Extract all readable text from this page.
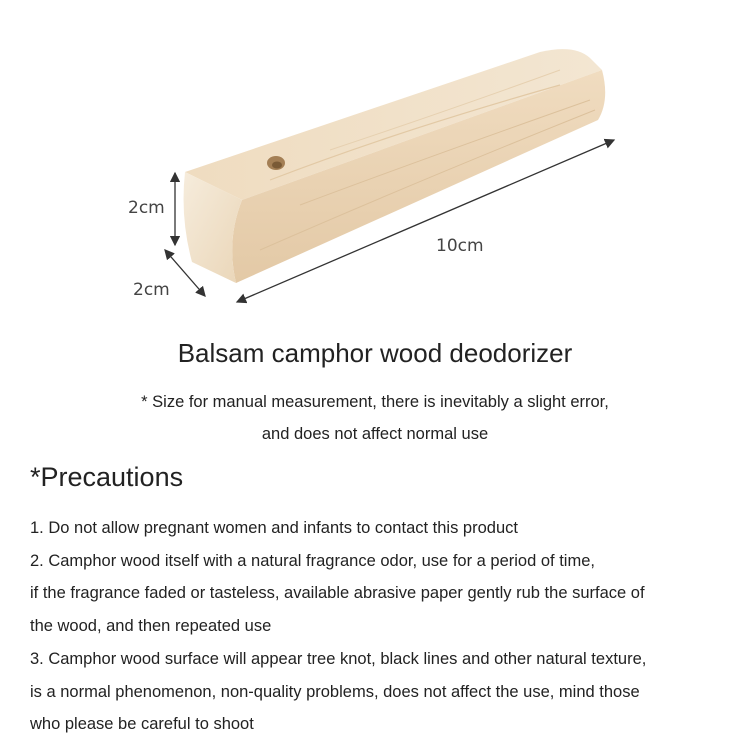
2cm
2cm
10cm
Balsam camphor wood deodorizer
* Size for manual measurement, there is inevitably a slight error,
and does not affect normal use
*Precautions
1. Do not allow pregnant women and infants to contact this product
2. Camphor wood itself with a natural fragrance odor, use for a period of time,
if the fragrance faded or tasteless, available abrasive paper gently rub the surface of
the wood, and then repeated use
3. Camphor wood surface will appear tree knot, black lines and other natural texture,
is a normal phenomenon, non-quality problems, does not affect the use, mind those
who please be careful to shoot
